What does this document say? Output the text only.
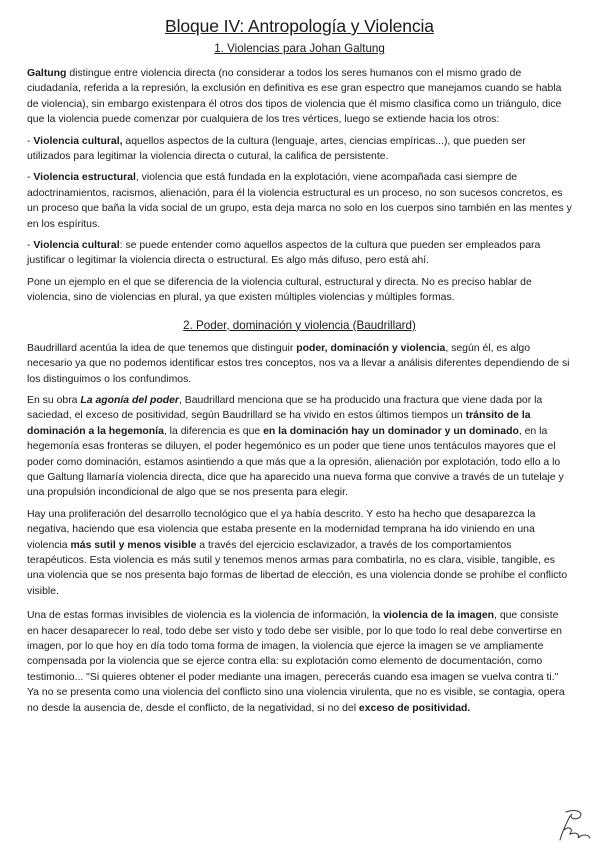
Bloque IV: Antropología y Violencia
1. Violencias para Johan Galtung

Galtung distingue entre violencia directa (no considerar a todos los seres humanos con el mismo grado de ciudadanía, referida a la represión, la exclusión en definitiva es ese gran espectro que manejamos cuando se habla de violencia), sin embargo existenpara él otros dos tipos de violencia que él mismo clasifica como un triángulo, dice que la violencia puede comenzar por cualquiera de los tres vértices, luego se extiende hacia los otros:

- Violencia cultural, aquellos aspectos de la cultura (lenguaje, artes, ciencias empíricas...), que pueden ser utilizados para legitimar la violencia directa o cutural, la califica de persistente.

- Violencia estructural, violencia que está fundada en la explotación, viene acompañada casi siempre de adoctrinamientos, racismos, alienación, para él la violencia estructural es un proceso, no son sucesos concretos, es un proceso que baña la vida social de un grupo, esta deja marca no solo en los cuerpos sino también en las mentes y en los espíritus.

- Violencia cultural: se puede entender como aquellos aspectos de la cultura que pueden ser empleados para justificar o legitimar la violencia directa o estructural. Es algo más difuso, pero está ahí.

Pone un ejemplo en el que se diferencia de la violencia cultural, estructural y directa. No es preciso hablar de violencia, sino de violencias en plural, ya que existen múltiples violencias y múltiples formas.

2. Poder, dominación y violencia (Baudrillard)

Baudrillard acentúa la idea de que tenemos que distinguir poder, dominación y violencia, según él, es algo necesario ya que no podemos identificar estos tres conceptos, nos va a llevar a análisis diferentes dependiendo de si los distinguimos o los confundimos.

En su obra La agonía del poder, Baudrillard menciona que se ha producido una fractura que viene dada por la saciedad, el exceso de positividad, según Baudrillard se ha vivido en estos últimos tiempos un tránsito de la dominación a la hegemonía, la diferencia es que en la dominación hay un dominador y un dominado, en la hegemonía esas fronteras se diluyen, el poder hegemónico es un poder que tiene unos tentáculos mayores que el poder como dominación, estamos asintiendo a que más que a la opresión, alienación por explotación, todo ello a lo que Galtung llamaría violencia directa, dice que ha aparecido una nueva forma que convive a través de un tutelaje y una propulsión incondicional de algo que se nos presenta para elegir.

Hay una proliferación del desarrollo tecnológico que el ya había descrito. Y esto ha hecho que desaparezca la negativa, haciendo que esa violencia que estaba presente en la modernidad temprana ha ido viniendo en una violencia más sutil y menos visible a través del ejercicio esclavizador, a través de los comportamientos terapéuticos. Esta violencia es más sutil y tenemos menos armas para combatirla, no es clara, visible, tangible, es una violencia que se nos presenta bajo formas de libertad de elección, es una violencia donde se prohíbe el conflicto visible.

Una de estas formas invisibles de violencia es la violencia de información, la violencia de la imagen, que consiste en hacer desaparecer lo real, todo debe ser visto y todo debe ser visible, por lo que todo lo real debe convertirse en imagen, por lo que hoy en día todo toma forma de imagen, la violencia que ejerce la imagen se ve ampliamente compensada por la violencia que se ejerce contra ella: su explotación como elemento de documentación, como testimonio... "Si quieres obtener el poder mediante una imagen, perecerás cuando esa imagen se vuelva contra ti." Ya no se presenta como una violencia del conflicto sino una violencia virulenta, que no es visible, se contagia, opera no desde la ausencia de, desde el conflicto, de la negatividad, si no del exceso de positividad.
